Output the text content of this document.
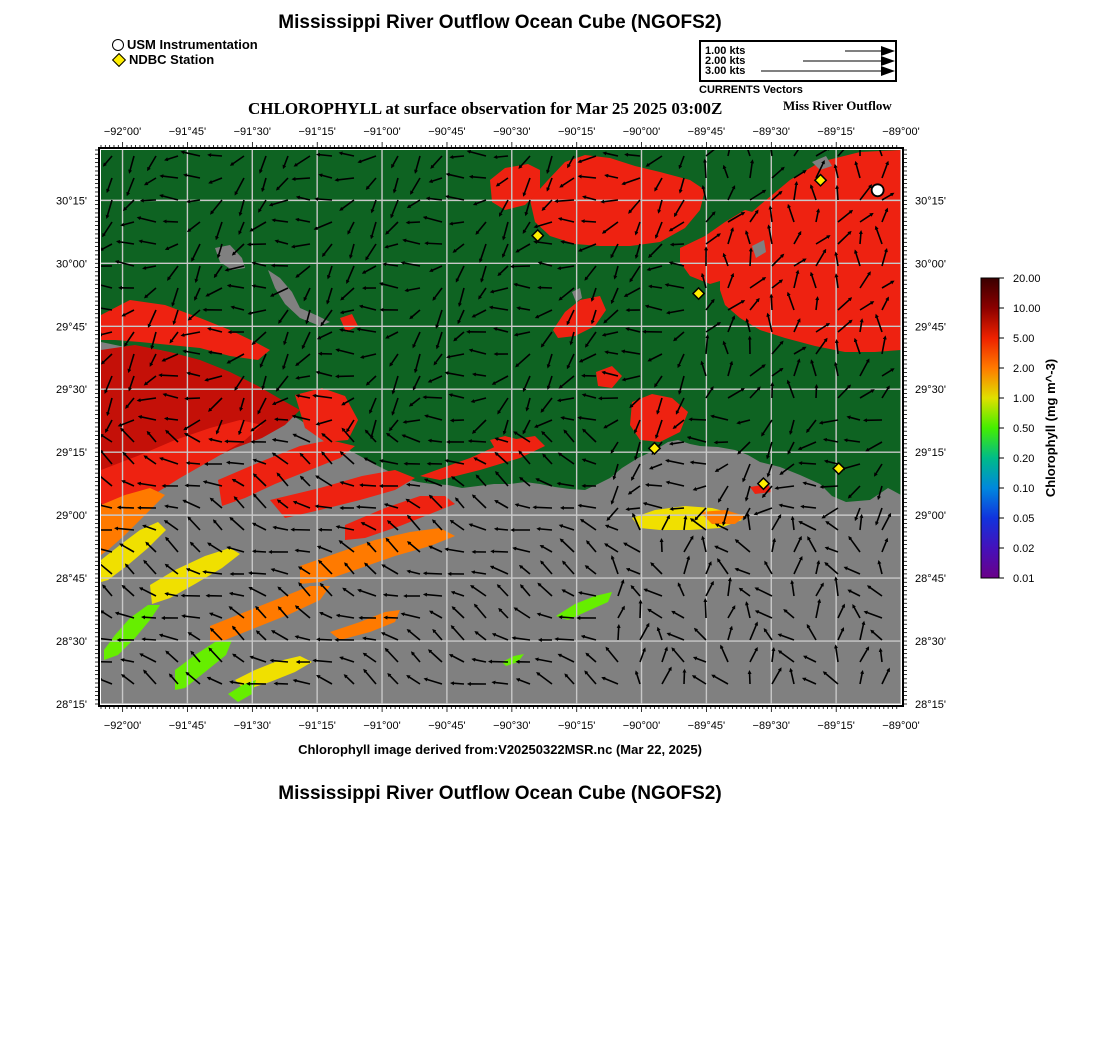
Mississippi River Outflow Ocean Cube (NGOFS2)
USM Instrumentation
NDBC Station
1.00 kts
2.00 kts
3.00 kts
CURRENTS Vectors
CHLOROPHYLL at surface observation for Mar 25 2025 03:00Z	Miss River Outflow
−92°00'
−92°00'
−91°45'
−91°45'
−91°30'
−91°30'
−91°15'
−91°15'
−91°00'
−91°00'
−90°45'
−90°45'
−90°30'
−90°30'
−90°15'
−90°15'
−90°00'
−90°00'
−89°45'
−89°45'
−89°30'
−89°30'
−89°15'
−89°15'
−89°00'
−89°00'
30°15'	30°15'
30°00'	30°00'
29°45'	29°45'
29°30'	29°30'
29°15'	29°15'
29°00'	29°00'
28°45'	28°45'
28°30'	28°30'
28°15'	28°15'
20.00
10.00
5.00
2.00
1.00
0.50
0.20
0.10
0.05
0.02
0.01
Chlorophyll (mg m^-3)
Chlorophyll image derived from:V20250322MSR.nc (Mar 22, 2025)
Mississippi River Outflow Ocean Cube (NGOFS2)
